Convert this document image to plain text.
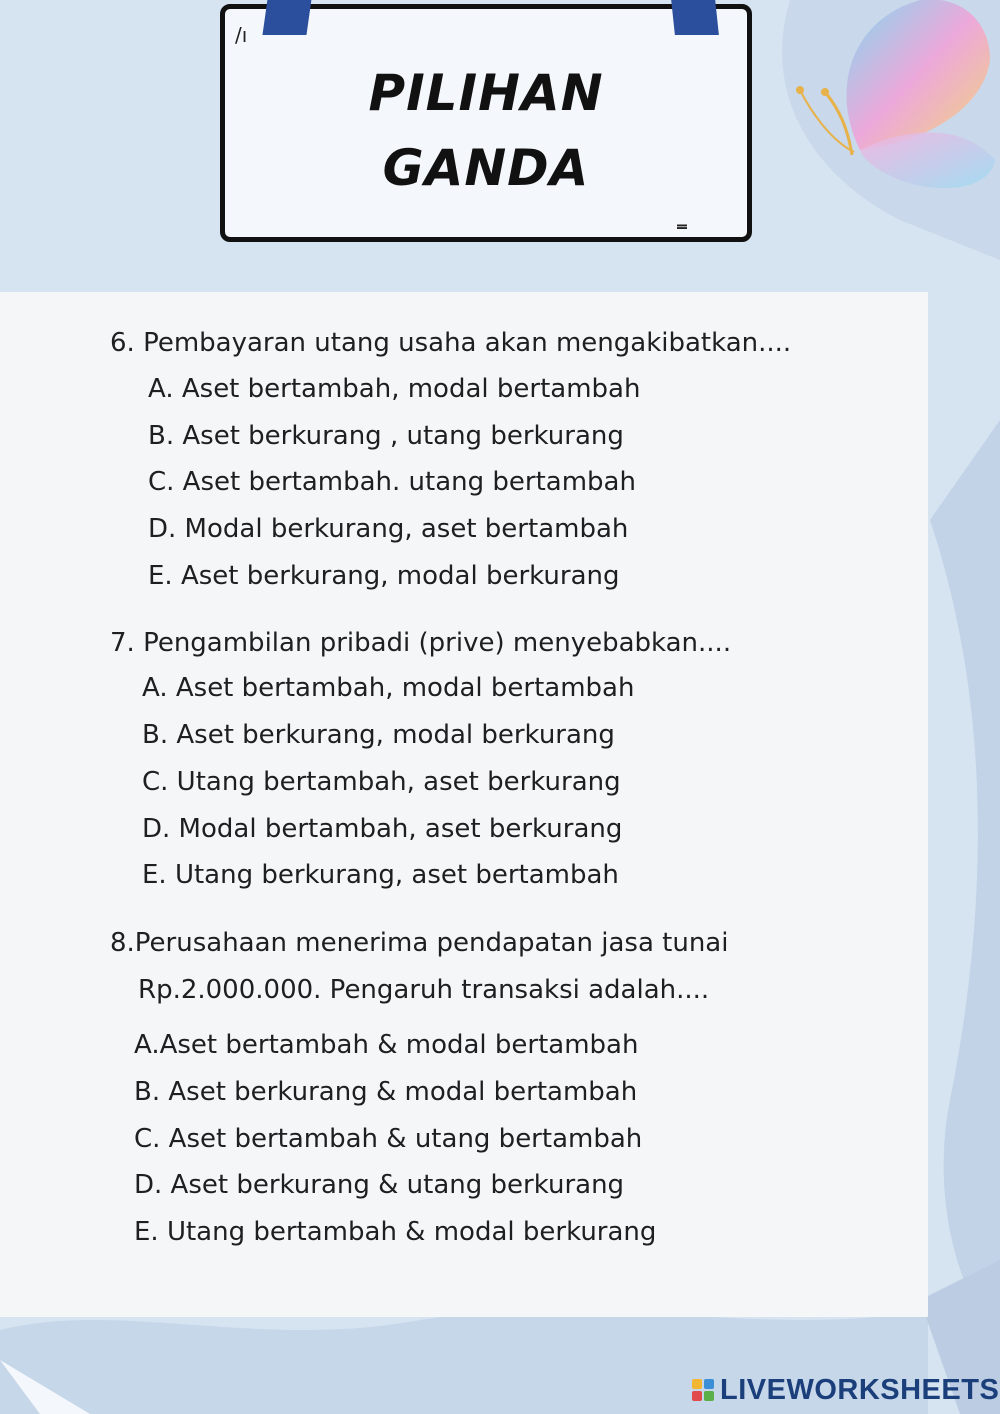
/ı
‗
PILIHAN
GANDA
6. Pembayaran utang usaha akan mengakibatkan....
A. Aset bertambah, modal bertambah
B. Aset berkurang , utang berkurang
C. Aset bertambah. utang bertambah
D. Modal berkurang, aset bertambah
E. Aset berkurang, modal berkurang
7. Pengambilan pribadi (prive) menyebabkan....
A. Aset bertambah, modal bertambah
B. Aset berkurang, modal berkurang
C. Utang bertambah, aset berkurang
D. Modal bertambah, aset berkurang
E. Utang berkurang, aset bertambah
8.Perusahaan menerima pendapatan jasa tunai
Rp.2.000.000. Pengaruh transaksi adalah....
A.Aset bertambah & modal bertambah
B. Aset berkurang & modal bertambah
C. Aset bertambah & utang bertambah
D. Aset berkurang & utang berkurang
E. Utang bertambah & modal berkurang
LIVEWORKSHEETS
